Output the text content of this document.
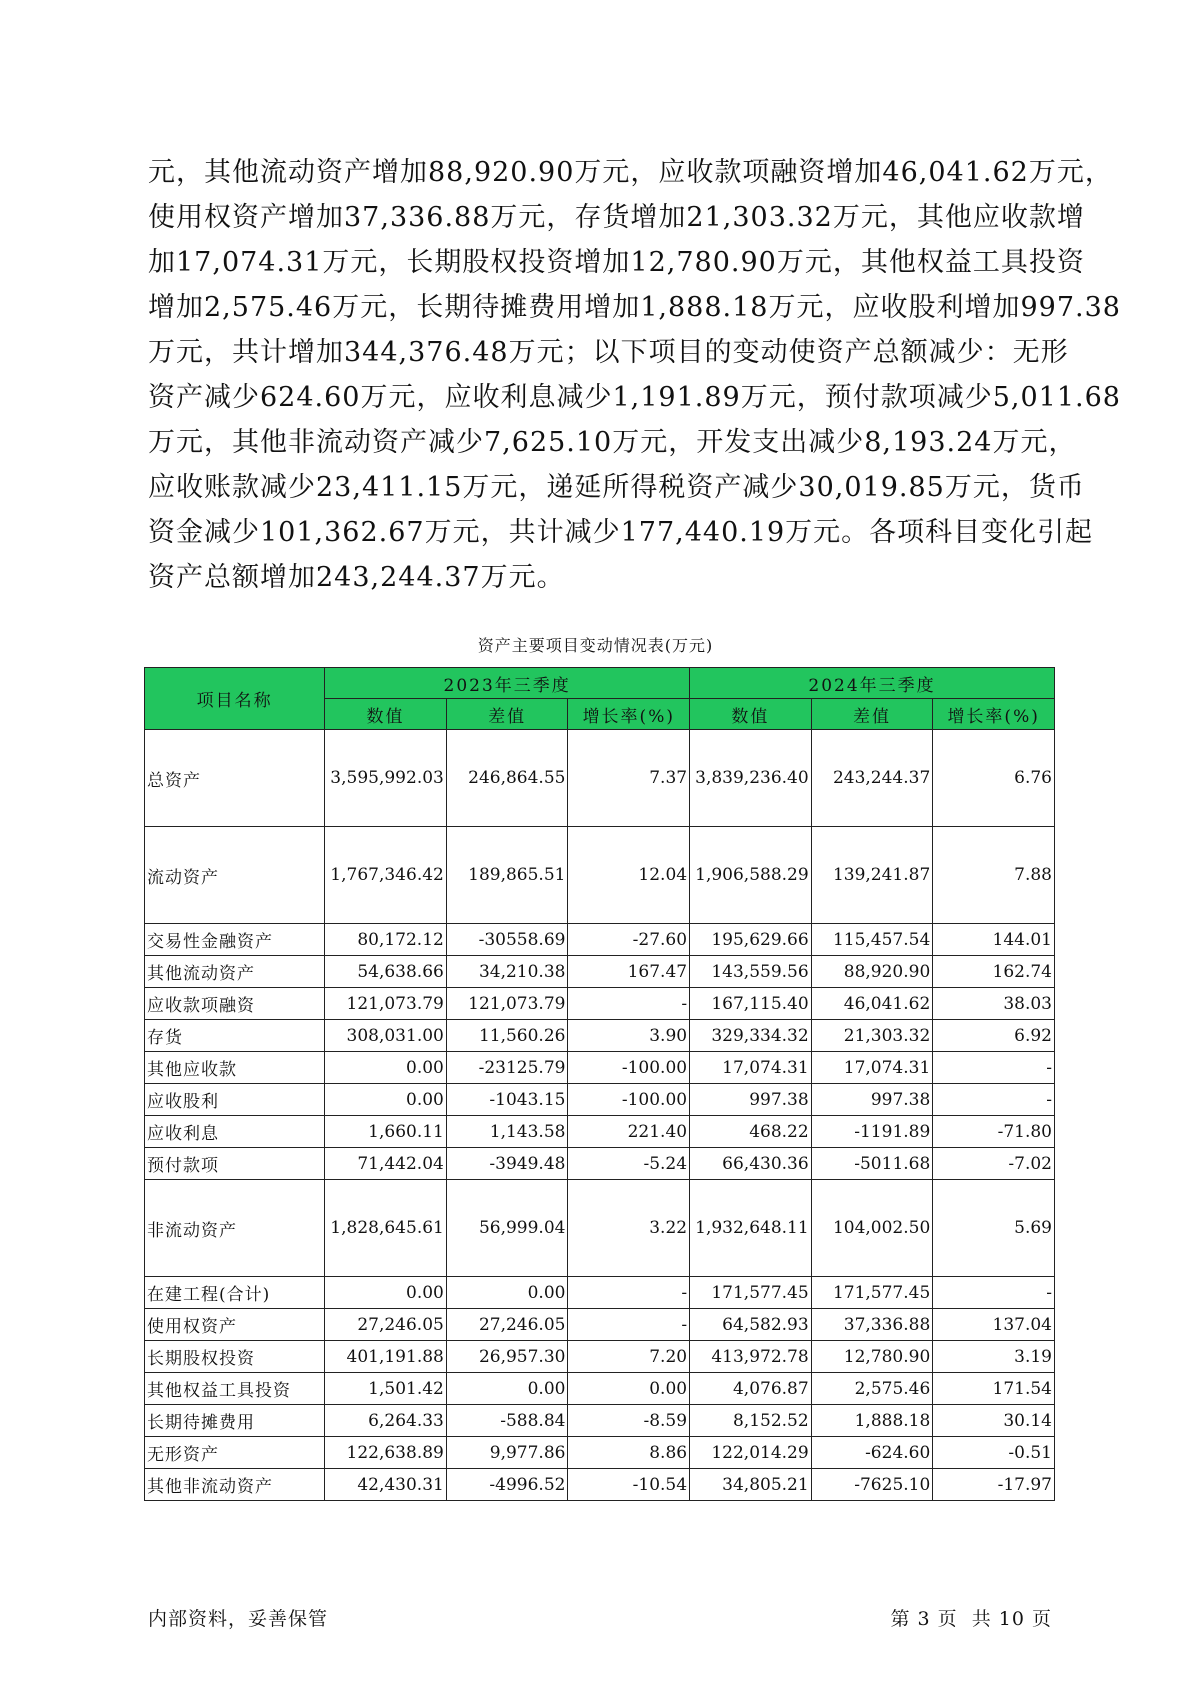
元，其他流动资产增加88,920.90万元，应收款项融资增加46,041.62万元，
使用权资产增加37,336.88万元，存货增加21,303.32万元，其他应收款增
加17,074.31万元，长期股权投资增加12,780.90万元，其他权益工具投资
增加2,575.46万元，长期待摊费用增加1,888.18万元，应收股利增加997.38
万元，共计增加344,376.48万元；以下项目的变动使资产总额减少：无形
资产减少624.60万元，应收利息减少1,191.89万元，预付款项减少5,011.68
万元，其他非流动资产减少7,625.10万元，开发支出减少8,193.24万元，
应收账款减少23,411.15万元，递延所得税资产减少30,019.85万元，货币
资金减少101,362.67万元，共计减少177,440.19万元。各项科目变化引起
资产总额增加243,244.37万元。

资产主要项目变动情况表(万元)
项目名称	2023年三季度			2024年三季度		
	数值	差值	增长率(%)	数值	差值	增长率(%)
总资产	3,595,992.03	246,864.55	7.37	3,839,236.40	243,244.37	6.76
流动资产	1,767,346.42	189,865.51	12.04	1,906,588.29	139,241.87	7.88
交易性金融资产	80,172.12	-30558.69	-27.60	195,629.66	115,457.54	144.01
其他流动资产	54,638.66	34,210.38	167.47	143,559.56	88,920.90	162.74
应收款项融资	121,073.79	121,073.79	-	167,115.40	46,041.62	38.03
存货	308,031.00	11,560.26	3.90	329,334.32	21,303.32	6.92
其他应收款	0.00	-23125.79	-100.00	17,074.31	17,074.31	-
应收股利	0.00	-1043.15	-100.00	997.38	997.38	-
应收利息	1,660.11	1,143.58	221.40	468.22	-1191.89	-71.80
预付款项	71,442.04	-3949.48	-5.24	66,430.36	-5011.68	-7.02
非流动资产	1,828,645.61	56,999.04	3.22	1,932,648.11	104,002.50	5.69
在建工程(合计)	0.00	0.00	-	171,577.45	171,577.45	-
使用权资产	27,246.05	27,246.05	-	64,582.93	37,336.88	137.04
长期股权投资	401,191.88	26,957.30	7.20	413,972.78	12,780.90	3.19
其他权益工具投资	1,501.42	0.00	0.00	4,076.87	2,575.46	171.54
长期待摊费用	6,264.33	-588.84	-8.59	8,152.52	1,888.18	30.14
无形资产	122,638.89	9,977.86	8.86	122,014.29	-624.60	-0.51
其他非流动资产	42,430.31	-4996.52	-10.54	34,805.21	-7625.10	-17.97
内部资料，妥善保管	第 3 页  共 10 页
